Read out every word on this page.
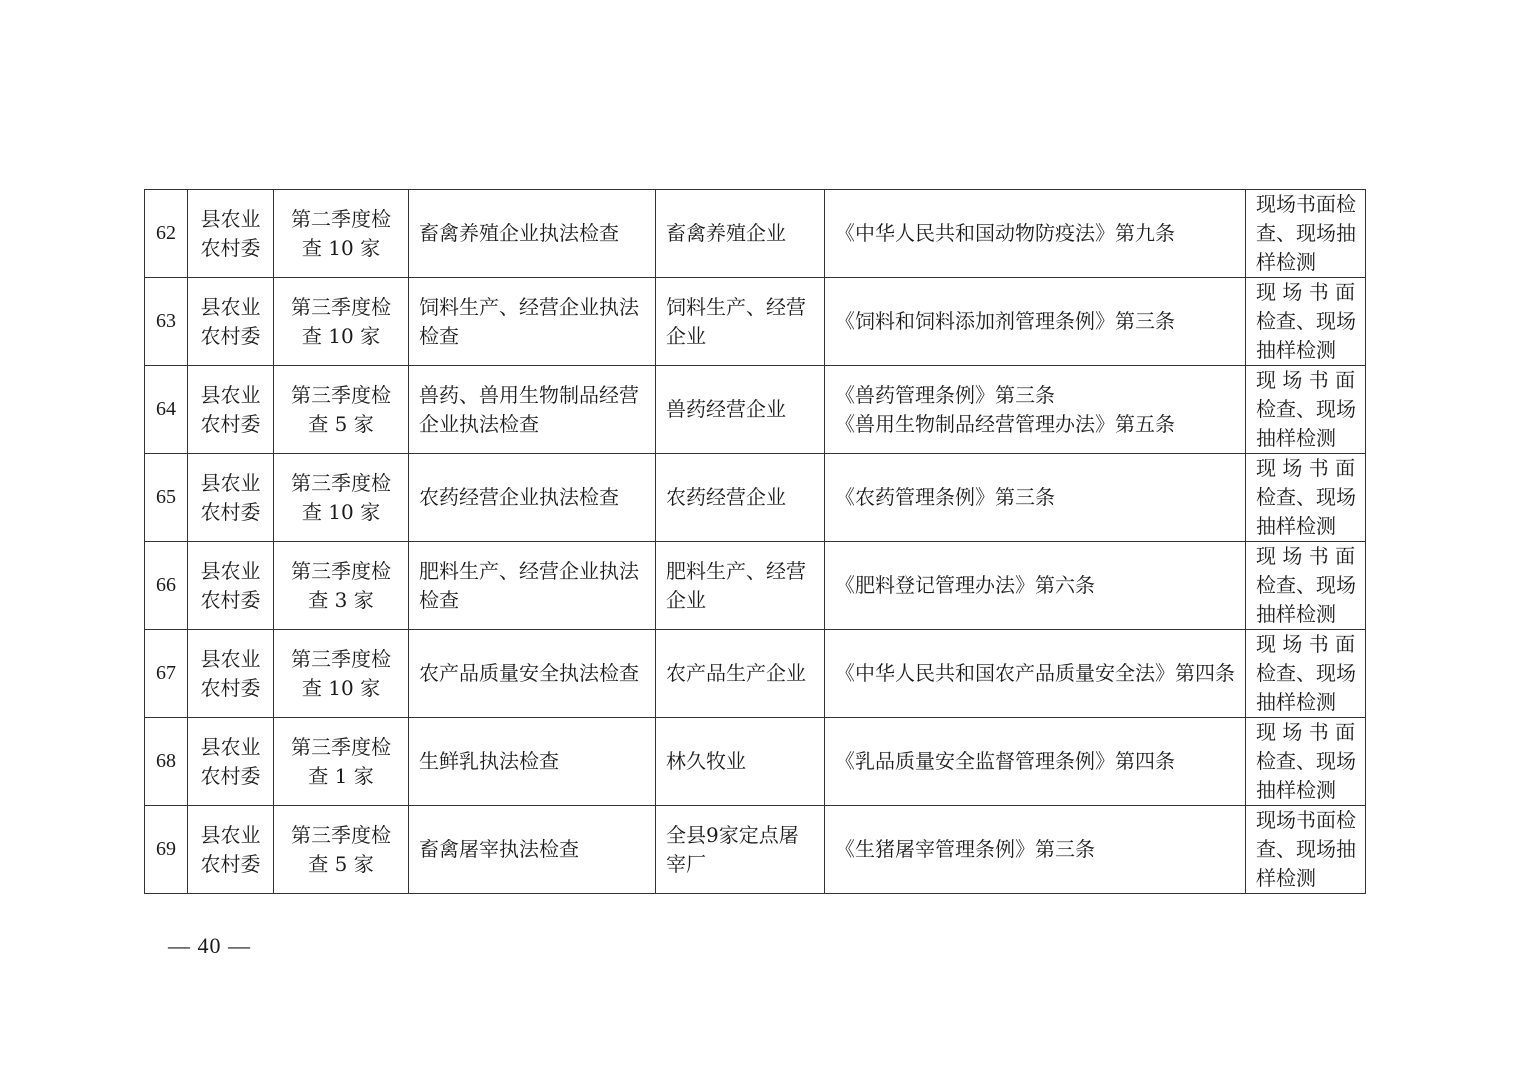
62	县农业农村委	第二季度检
查 10 家	畜禽养殖企业执法检查	畜禽养殖企业	《中华人民共和国动物防疫法》第九条	现场书面检
查、现场抽
样检测

63	县农业农村委	第三季度检
查 10 家	饲料生产、经营企业执法检查	饲料生产、经营企业	《饲料和饲料添加剂管理条例》第三条	现 场 书 面
检查、现场
抽样检测

64	县农业农村委	第三季度检
查 5 家	兽药、兽用生物制品经营企业执法检查	兽药经营企业	《兽药管理条例》第三条
《兽用生物制品经营管理办法》第五条	现 场 书 面
检查、现场
抽样检测

65	县农业农村委	第三季度检
查 10 家	农药经营企业执法检查	农药经营企业	《农药管理条例》第三条	现 场 书 面
检查、现场
抽样检测

66	县农业农村委	第三季度检
查 3 家	肥料生产、经营企业执法检查	肥料生产、经营企业	《肥料登记管理办法》第六条	现 场 书 面
检查、现场
抽样检测

67	县农业农村委	第三季度检
查 10 家	农产品质量安全执法检查	农产品生产企业	《中华人民共和国农产品质量安全法》第四条	现 场 书 面
检查、现场
抽样检测

68	县农业农村委	第三季度检
查 1 家	生鲜乳执法检查	林久牧业	《乳品质量安全监督管理条例》第四条	现 场 书 面
检查、现场
抽样检测

69	县农业农村委	第三季度检
查 5 家	畜禽屠宰执法检查	全县9家定点屠宰厂	《生猪屠宰管理条例》第三条	现场书面检
查、现场抽
样检测
— 40 —
